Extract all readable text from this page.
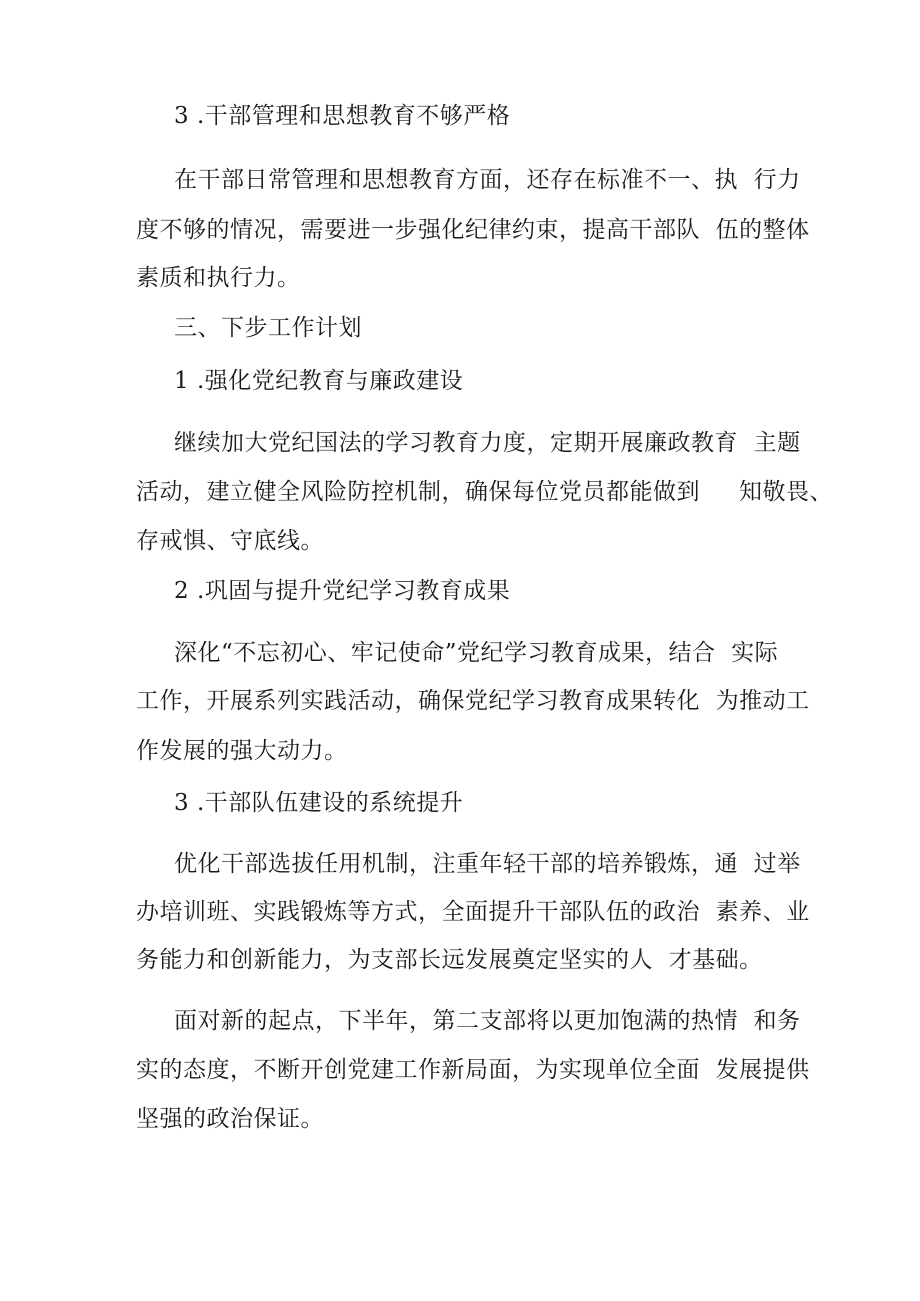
3 .干部管理和思想教育不够严格
在干部日常管理和思想教育方面，还存在标准不一、执  行力
度不够的情况，需要进一步强化纪律约束，提高干部队  伍的整体
素质和执行力。
三、下步工作计划
1 .强化党纪教育与廉政建设
继续加大党纪国法的学习教育力度，定期开展廉政教育  主题
活动，建立健全风险防控机制，确保每位党员都能做到     知敬畏、
存戒惧、守底线。
2 .巩固与提升党纪学习教育成果
深化“不忘初心、牢记使命”党纪学习教育成果，结合  实际
工作，开展系列实践活动，确保党纪学习教育成果转化  为推动工
作发展的强大动力。
3 .干部队伍建设的系统提升
优化干部选拔任用机制，注重年轻干部的培养锻炼，通  过举
办培训班、实践锻炼等方式，全面提升干部队伍的政治  素养、业
务能力和创新能力，为支部长远发展奠定坚实的人  才基础。
面对新的起点，下半年，第二支部将以更加饱满的热情  和务
实的态度，不断开创党建工作新局面，为实现单位全面  发展提供
坚强的政治保证。
